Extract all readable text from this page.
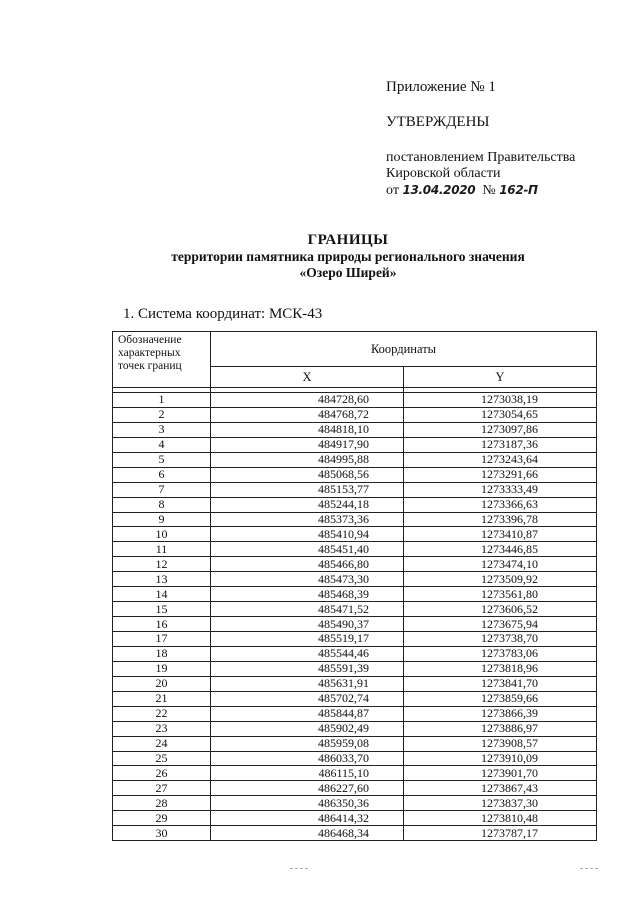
Приложение № 1
УТВЕРЖДЕНЫ
постановлением Правительства
Кировской области
от 13.04.2020 № 162-П
ГРАНИЦЫ
территории памятника природы регионального значения
«Озеро Ширей»
1. Система координат: МСК-43
Обозначение характерных точек границ	Координаты	
	X	Y

1	484728,60	1273038,19
2	484768,72	1273054,65
3	484818,10	1273097,86
4	484917,90	1273187,36
5	484995,88	1273243,64
6	485068,56	1273291,66
7	485153,77	1273333,49
8	485244,18	1273366,63
9	485373,36	1273396,78
10	485410,94	1273410,87
11	485451,40	1273446,85
12	485466,80	1273474,10
13	485473,30	1273509,92
14	485468,39	1273561,80
15	485471,52	1273606,52
16	485490,37	1273675,94
17	485519,17	1273738,70
18	485544,46	1273783,06
19	485591,39	1273818,96
20	485631,91	1273841,70
21	485702,74	1273859,66
22	485844,87	1273866,39
23	485902,49	1273886,97
24	485959,08	1273908,57
25	486033,70	1273910,09
26	486115,10	1273901,70
27	486227,60	1273867,43
28	486350,36	1273837,30
29	486414,32	1273810,48
30	486468,34	1273787,17
